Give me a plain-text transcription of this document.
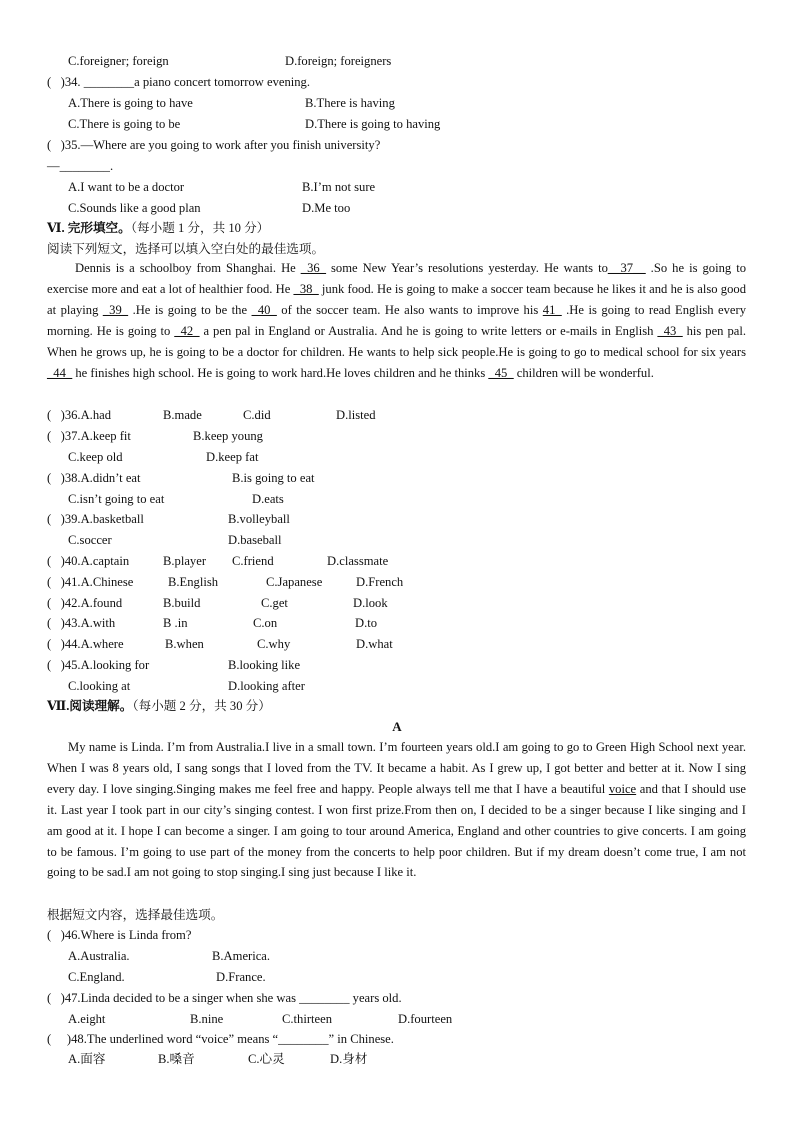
C.foreigner; foreign	D.foreign; foreigners
(   )34. ________a piano concert tomorrow evening.
A.There is going to have	B.There is having
C.There is going to be	D.There is going to having
(   )35.—Where are you going to work after you finish university?
—________.
A.I want to be a doctor	B.I’m not sure
C.Sounds like a good plan	D.Me too
Ⅵ. 完形填空。（每小题 1 分，共 10 分）
阅读下列短文，选择可以填入空白处的最佳选项。

Dennis is a schoolboy from Shanghai. He _36_ some New Year’s resolutions yesterday. He wants to__37__ .So he is going to exercise more and eat a lot of healthier food. He _38_ junk food. He is going to make a soccer team because he likes it and he is also good at playing _39_ .He is going to be the _40_ of the soccer team. He also wants to improve his 41_ .He is going to read English every morning. He is going to _42_ a pen pal in England or Australia. And he is going to write letters or e-mails in English _43_ his pen pal. When he grows up, he is going to be a doctor for children. He wants to help sick people.He is going to go to medical school for six years _44_ he finishes high school. He is going to work hard.He loves children and he thinks _45_ children will be wonderful.

(   )36.A.had	B.made	C.did	D.listed
(   )37.A.keep fit	B.keep young
C.keep old	D.keep fat
(   )38.A.didn’t eat	B.is going to eat
C.isn’t going to eat	D.eats
(   )39.A.basketball	B.volleyball
C.soccer	D.baseball
(   )40.A.captain	B.player C.friend	D.classmate
(   )41.A.Chinese	B.English	C.Japanese	D.French
(   )42.A.found	B.build	C.get	D.look
(   )43.A.with	B .in	C.on	D.to
(   )44.A.where	B.when	C.why	D.what
(   )45.A.looking for	B.looking like
C.looking at	D.looking after
Ⅶ.阅读理解。（每小题 2 分，共 30 分）
A

My name is Linda. I’m from Australia.I live in a small town. I’m fourteen years old.I am going to go to Green High School next year. When I was 8 years old, I sang songs that I loved from the TV. It became a habit. As I grew up, I got better and better at it. Now I sing every day. I love singing.Singing makes me feel free and happy. People always tell me that I have a beautiful voice and that I should use it. Last year I took part in our city’s singing contest. I won first prize.From then on, I decided to be a singer because I like singing and I am good at it. I hope I can become a singer. I am going to tour around America, England and other countries to give concerts. I am going to be famous. I’m going to use part of the money from the concerts to help poor children. But if my dream doesn’t come true, I am not going to be sad.I am not going to stop singing.I sing just because I like it.

根据短文内容，选择最佳选项。
(   )46.Where is Linda from?
A.Australia.	B.America.
C.England.	D.France.
(   )47.Linda decided to be a singer when she was ________ years old.
A.eight	B.nine	C.thirteen	D.fourteen
(     )48.The underlined word “voice” means “________” in Chinese.
A.面容	B.嗓音	C.心灵	D.身材
